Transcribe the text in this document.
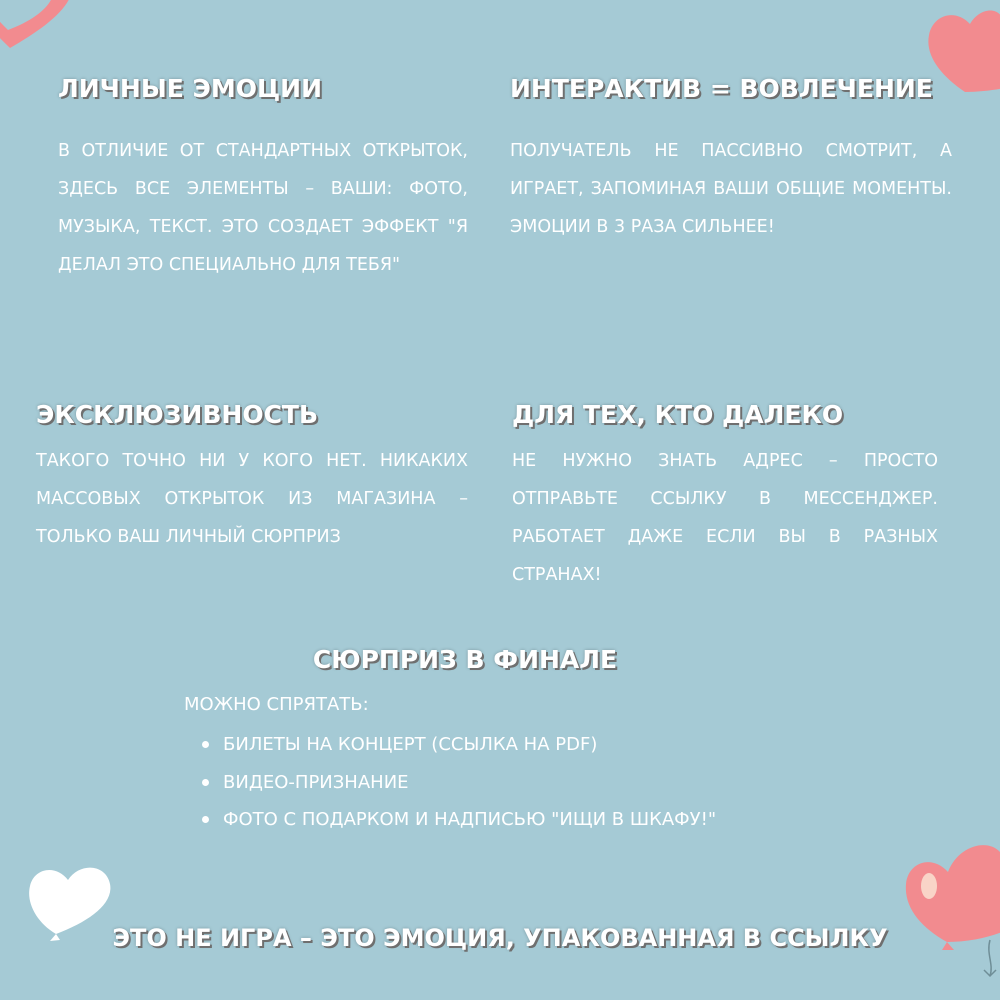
ЛИЧНЫЕ ЭМОЦИИ

В ОТЛИЧИЕ ОТ СТАНДАРТНЫХ ОТКРЫТОК, ЗДЕСЬ ВСЕ ЭЛЕМЕНТЫ – ВАШИ: ФОТО, МУЗЫКА, ТЕКСТ. ЭТО СОЗДАЕТ ЭФФЕКТ "Я ДЕЛАЛ ЭТО СПЕЦИАЛЬНО ДЛЯ ТЕБЯ"

ИНТЕРАКТИВ = ВОВЛЕЧЕНИЕ

ПОЛУЧАТЕЛЬ НЕ ПАССИВНО СМОТРИТ, А ИГРАЕТ, ЗАПОМИНАЯ ВАШИ ОБЩИЕ МОМЕНТЫ. ЭМОЦИИ В 3 РАЗА СИЛЬНЕЕ!

ЭКСКЛЮЗИВНОСТЬ

ТАКОГО ТОЧНО НИ У КОГО НЕТ. НИКАКИХ МАССОВЫХ ОТКРЫТОК ИЗ МАГАЗИНА – ТОЛЬКО ВАШ ЛИЧНЫЙ СЮРПРИЗ

ДЛЯ ТЕХ, КТО ДАЛЕКО

НЕ НУЖНО ЗНАТЬ АДРЕС – ПРОСТО ОТПРАВЬТЕ ССЫЛКУ В МЕССЕНДЖЕР. РАБОТАЕТ ДАЖЕ ЕСЛИ ВЫ В РАЗНЫХ СТРАНАХ!

СЮРПРИЗ В ФИНАЛЕ
МОЖНО СПРЯТАТЬ:
БИЛЕТЫ НА КОНЦЕРТ (ССЫЛКА НА PDF)
ВИДЕО-ПРИЗНАНИЕ
ФОТО С ПОДАРКОМ И НАДПИСЬЮ "ИЩИ В ШКАФУ!"

ЭТО НЕ ИГРА – ЭТО ЭМОЦИЯ, УПАКОВАННАЯ В ССЫЛКУ
